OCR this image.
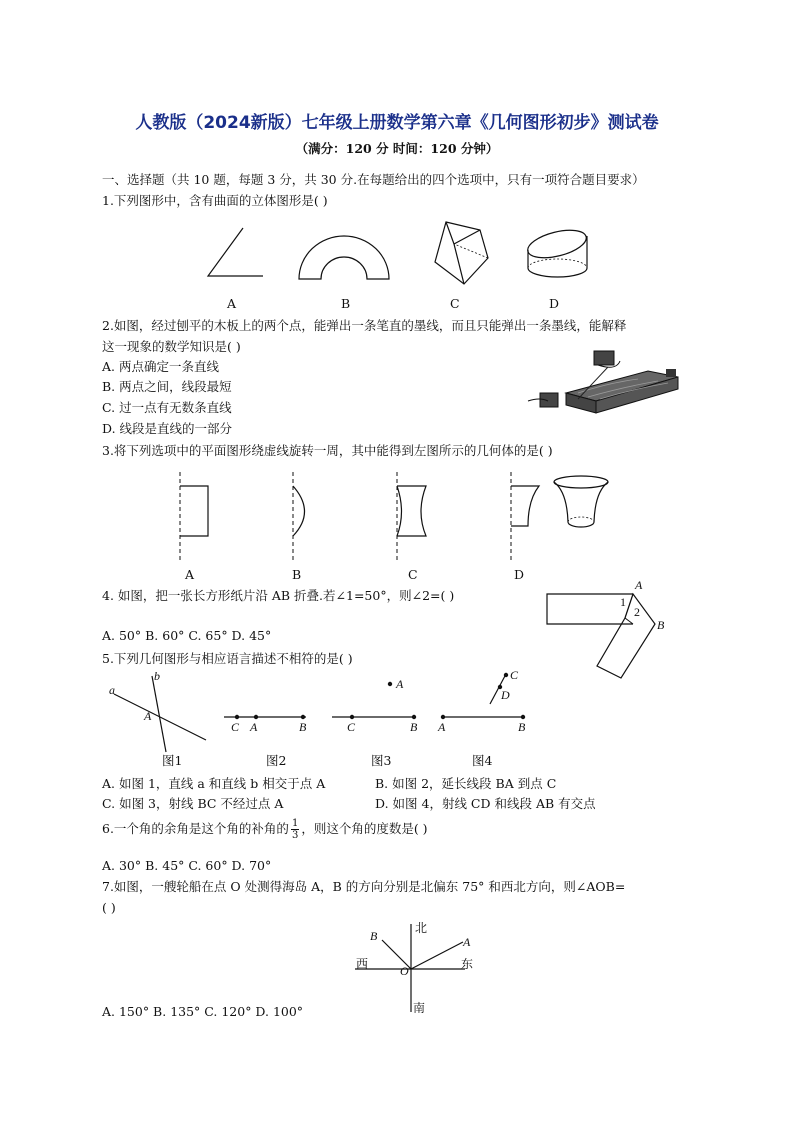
人教版（2024新版）七年级上册数学第六章《几何图形初步》测试卷
（满分：120 分 时间：120 分钟）
一、选择题（共 10 题，每题 3 分，共 30 分.在每题给出的四个选项中，只有一项符合题目要求）
1.下列图形中，含有曲面的立体图形是( )
A	B	C	D
2.如图，经过刨平的木板上的两个点，能弹出一条笔直的墨线，而且只能弹出一条墨线，能解释
这一现象的数学知识是( )
A. 两点确定一条直线
B. 两点之间，线段最短
C. 过一点有无数条直线
D. 线段是直线的一部分
3.将下列选项中的平面图形绕虚线旋转一周，其中能得到左图所示的几何体的是( )
A	B	C	D
4. 如图，把一张长方形纸片沿 AB 折叠.若∠1=50°，则∠2=( )
A. 50° B. 60° C. 65° D. 45°
A
B
1
2
5.下列几何图形与相应语言描述不相符的是( )
a
b
A
C A	B
A
C	B
C
D
A	B
图1	图2	图3	图4
A. 如图 1，直线 a 和直线 b 相交于点 A	B. 如图 2，延长线段 BA 到点 C
C. 如图 3，射线 BC 不经过点 A	D. 如图 4，射线 CD 和线段 AB 有交点
6.一个角的余角是这个角的补角的 $\frac{1}{3}$ ，则这个角的度数是( )
A. 30° B. 45° C. 60° D. 70°
7.如图，一艘轮船在点 O 处测得海岛 A，B 的方向分别是北偏东 75° 和西北方向，则∠AOB=
( )
北
南
西	东
O
A
B
A. 150° B. 135° C. 120° D. 100°
